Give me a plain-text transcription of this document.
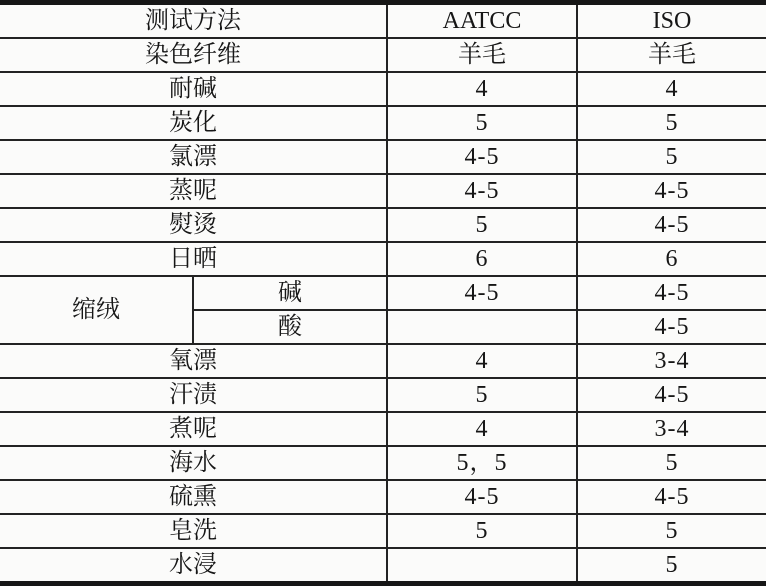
测试方法		AATCC	ISO
染色纤维		羊毛	羊毛
耐碱		4	4
炭化		5	5
氯漂		4-5	5
蒸呢		4-5	4-5
熨烫		5	4-5
日晒		6	6
缩绒	碱	4-5	4-5
	酸		4-5
氧漂		4	3-4
汗渍		5	4-5
煮呢		4	3-4
海水		5，5	5
硫熏		4-5	4-5
皂洗		5	5
水浸			5
